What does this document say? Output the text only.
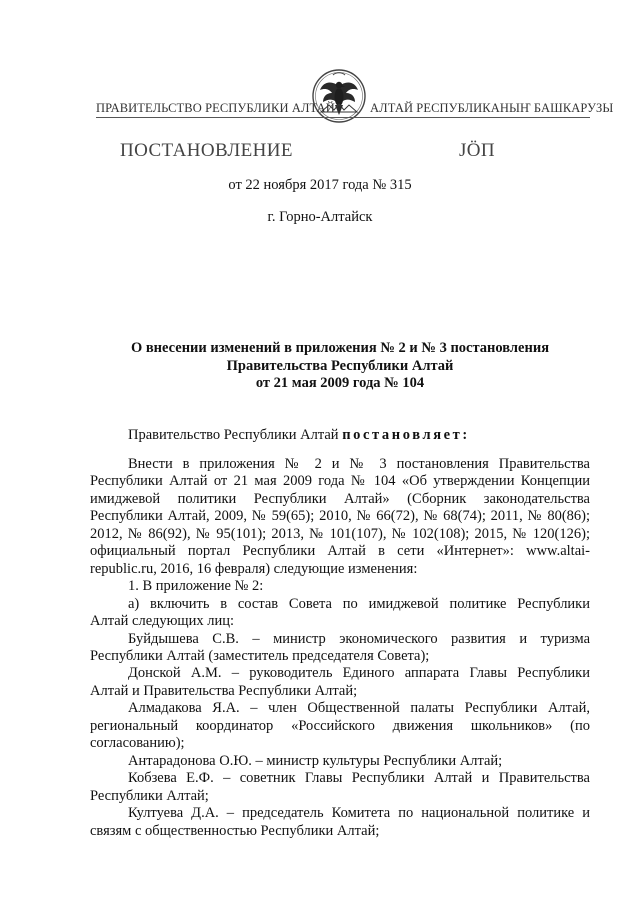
ПРАВИТЕЛЬСТВО РЕСПУБЛИКИ АЛТАЙ	АЛТАЙ РЕСПУБЛИКАНЫҤ БАШКАРУЗЫ
ПОСТАНОВЛЕНИЕ	JÖП
от 22 ноября 2017 года № 315
г. Горно-Алтайск
О внесении изменений в приложения № 2 и № 3 постановления
Правительства Республики Алтай
от 21 мая 2009 года № 104
Правительство Республики Алтай постановляет:
Внести в приложения № 2 и № 3 постановления Правительства
Республики Алтай от 21 мая 2009 года № 104 «Об утверждении Концепции
имиджевой политики Республики Алтай» (Сборник законодательства
Республики Алтай, 2009, № 59(65); 2010, № 66(72), № 68(74); 2011, № 80(86);
2012, № 86(92), № 95(101); 2013, № 101(107), № 102(108); 2015, № 120(126);
официальный портал Республики Алтай в сети «Интернет»: www.altai-
republic.ru, 2016, 16 февраля) следующие изменения:
1. В приложение № 2:
а) включить в состав Совета по имиджевой политике Республики
Алтай следующих лиц:
Буйдышева С.В. – министр экономического развития и туризма
Республики Алтай (заместитель председателя Совета);
Донской А.М. – руководитель Единого аппарата Главы Республики
Алтай и Правительства Республики Алтай;
Алмадакова Я.А. – член Общественной палаты Республики Алтай,
региональный координатор «Российского движения школьников» (по
согласованию);
Антарадонова О.Ю. – министр культуры Республики Алтай;
Кобзева Е.Ф. – советник Главы Республики Алтай и Правительства
Республики Алтай;
Култуева Д.А. – председатель Комитета по национальной политике и
связям с общественностью Республики Алтай;
